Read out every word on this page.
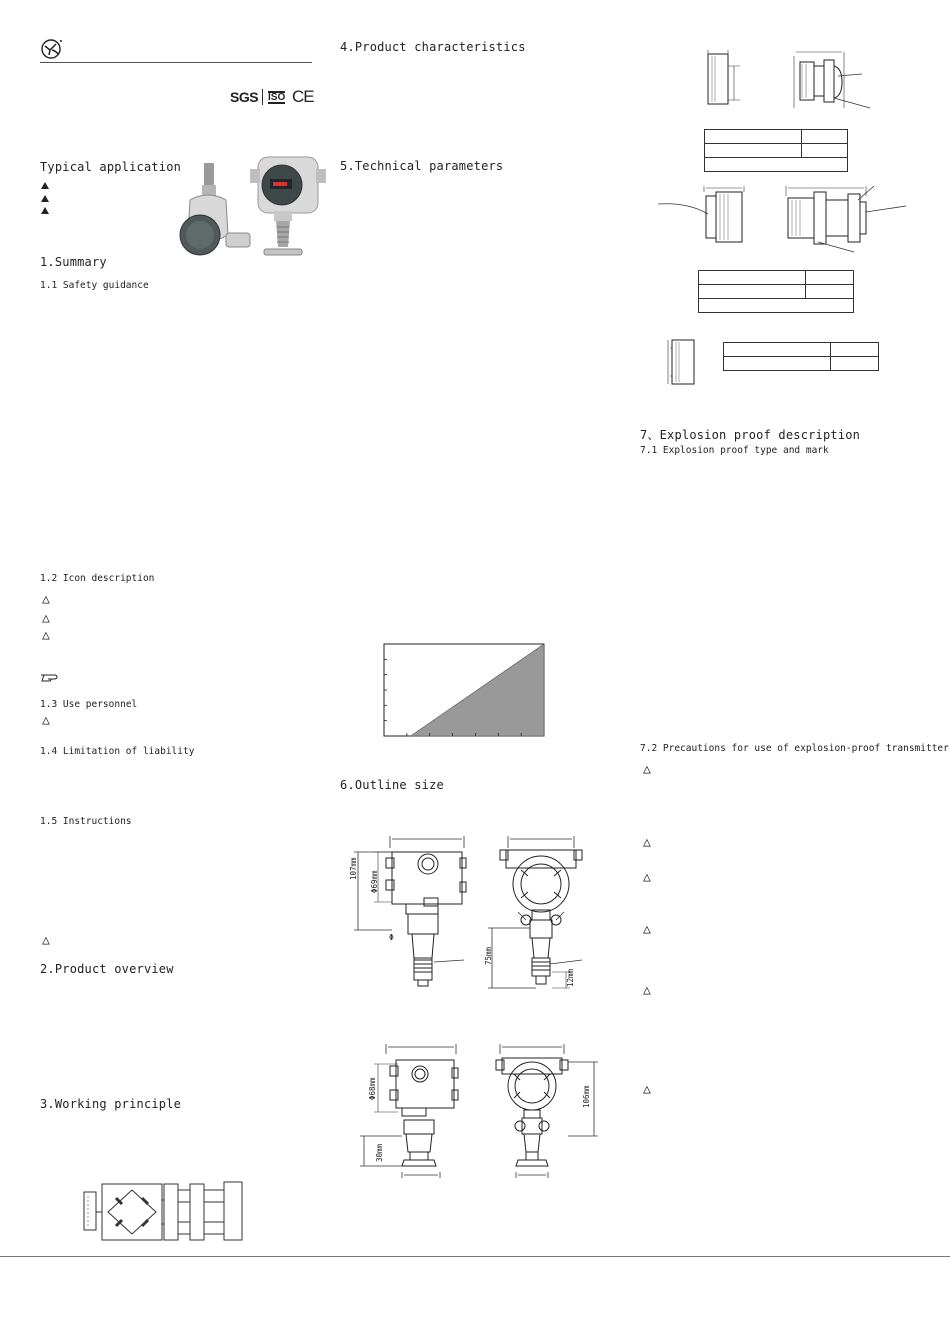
SGS ISO CE
Typical application
1.Summary
1.1 Safety guidance
1.2 Icon description
△
△
△
1.3 Use personnel
△
1.4 Limitation of liability
1.5 Instructions
△
2.Product overview
3.Working principle
4.Product characteristics
5.Technical parameters
6.Outline size
107mm
Φ69mm
Φ
75mm
12mm
Φ68mm
30mm
106mm

7、Explosion proof description
7.1 Explosion proof type and mark
7.2 Precautions for use of explosion-proof transmitter
△
△
△
△
△
△
